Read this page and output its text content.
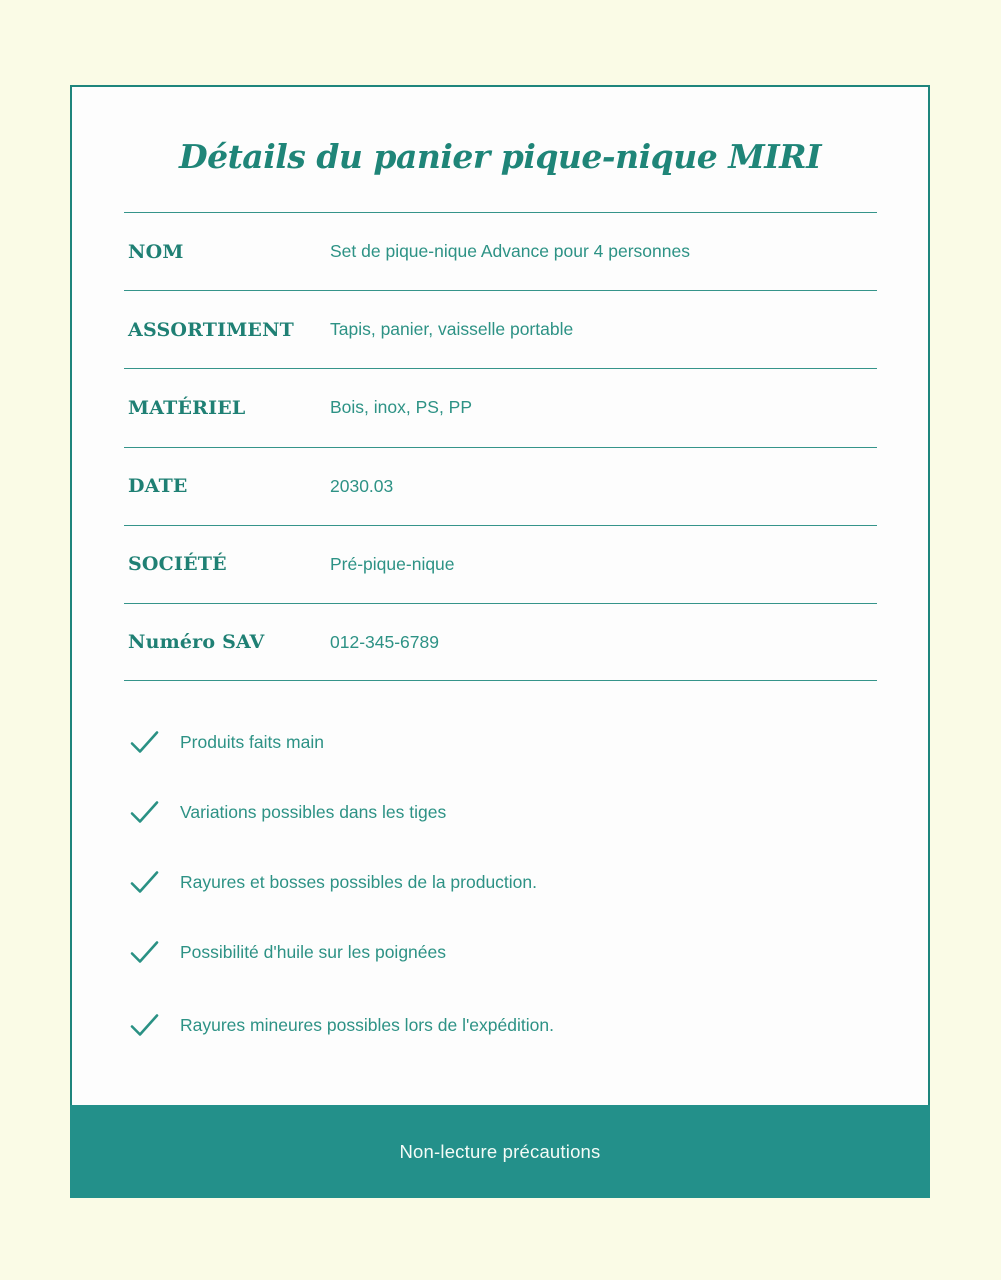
Détails du panier pique-nique MIRI
NOM	Set de pique-nique Advance pour 4 personnes
ASSORTIMENT	Tapis, panier, vaisselle portable
MATÉRIEL	Bois, inox, PS, PP
DATE	2030.03
SOCIÉTÉ	Pré-pique-nique
Numéro SAV	012-345-6789
Produits faits main
Variations possibles dans les tiges
Rayures et bosses possibles de la production.
Possibilité d'huile sur les poignées
Rayures mineures possibles lors de l'expédition.
Non-lecture précautions
